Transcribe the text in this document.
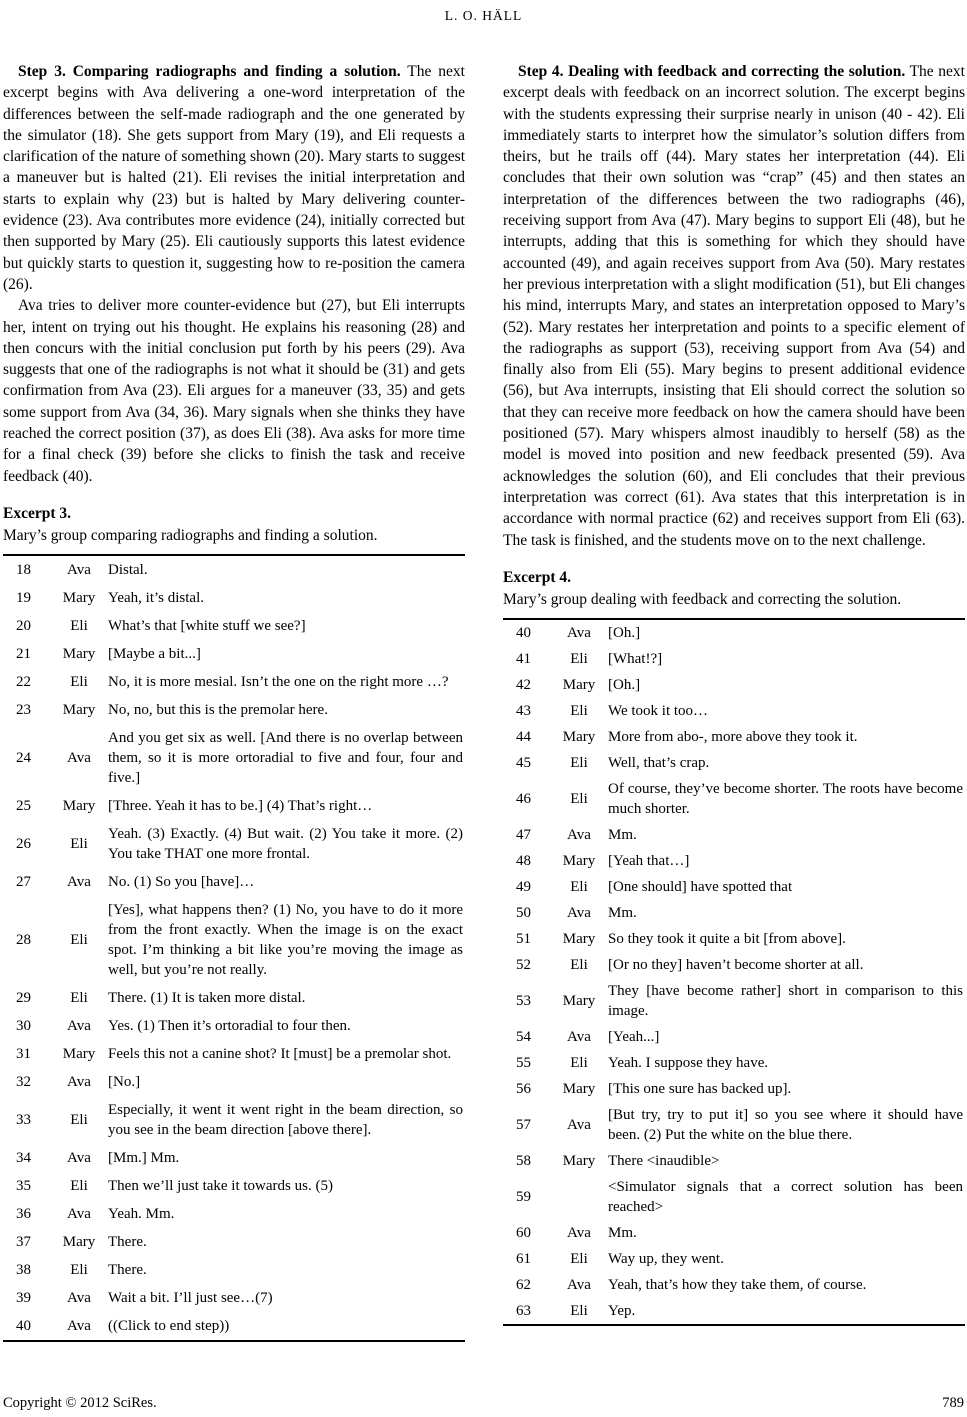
L. O. HÄLL

Step 3. Comparing radiographs and finding a solution. The next excerpt begins with Ava delivering a one-word interpretation of the differences between the self-made radiograph and the one generated by the simulator (18). She gets support from Mary (19), and Eli requests a clarification of the nature of something shown (20). Mary starts to suggest a maneuver but is halted (21). Eli revises the initial interpretation and starts to explain why (23) but is halted by Mary delivering counter-evidence (23). Ava contributes more evidence (24), initially corrected but then supported by Mary (25). Eli cautiously supports this latest evidence but quickly starts to question it, suggesting how to re-position the camera (26).

Ava tries to deliver more counter-evidence but (27), but Eli interrupts her, intent on trying out his thought. He explains his reasoning (28) and then concurs with the initial conclusion put forth by his peers (29). Ava suggests that one of the radiographs is not what it should be (31) and gets confirmation from Ava (23). Eli argues for a maneuver (33, 35) and gets some support from Ava (34, 36). Mary signals when she thinks they have reached the correct position (37), as does Eli (38). Ava asks for more time for a final check (39) before she clicks to finish the task and receive feedback (40).

Excerpt 3.
Mary’s group comparing radiographs and finding a solution.
18	Ava	Distal.
19	Mary	Yeah, it’s distal.
20	Eli	What’s that [white stuff we see?]
21	Mary	[Maybe a bit...]
22	Eli	No, it is more mesial. Isn’t the one on the right more …?
23	Mary	No, no, but this is the premolar here.
24	Ava	And you get six as well. [And there is no overlap between them, so it is more ortoradial to five and four, four and five.]
25	Mary	[Three. Yeah it has to be.] (4) That’s right…
26	Eli	Yeah. (3) Exactly. (4) But wait. (2) You take it more. (2) You take THAT one more frontal.
27	Ava	No. (1) So you [have]…
28	Eli	[Yes], what happens then? (1) No, you have to do it more from the front exactly. When the image is on the exact spot. I’m thinking a bit like you’re moving the image as well, but you’re not really.
29	Eli	There. (1) It is taken more distal.
30	Ava	Yes. (1) Then it’s ortoradial to four then.
31	Mary	Feels this not a canine shot? It [must] be a premolar shot.
32	Ava	[No.]
33	Eli	Especially, it went it went right in the beam direction, so you see in the beam direction [above there].
34	Ava	[Mm.] Mm.
35	Eli	Then we’ll just take it towards us. (5)
36	Ava	Yeah. Mm.
37	Mary	There.
38	Eli	There.
39	Ava	Wait a bit. I’ll just see…(7)
40	Ava	((Click to end step))

Step 4. Dealing with feedback and correcting the solution. The next excerpt deals with feedback on an incorrect solution. The excerpt begins with the students expressing their surprise nearly in unison (40 - 42). Eli immediately starts to interpret how the simulator’s solution differs from theirs, but he trails off (44). Mary states her interpretation (44). Eli concludes that their own solution was “crap” (45) and then states an interpretation of the differences between the two radiographs (46), receiving support from Ava (47). Mary begins to support Eli (48), but he interrupts, adding that this is something for which they should have accounted (49), and again receives support from Ava (50). Mary restates her previous interpretation with a slight modification (51), but Eli changes his mind, interrupts Mary, and states an interpretation opposed to Mary’s (52). Mary restates her interpretation and points to a specific element of the radiographs as support (53), receiving support from Ava (54) and finally also from Eli (55). Mary begins to present additional evidence (56), but Ava interrupts, insisting that Eli should correct the solution so that they can receive more feedback on how the camera should have been positioned (57). Mary whispers almost inaudibly to herself (58) as the model is moved into position and new feedback presented (59). Ava acknowledges the solution (60), and Eli concludes that their previous interpretation was correct (61). Ava states that this interpretation is in accordance with normal practice (62) and receives support from Eli (63). The task is finished, and the students move on to the next challenge.

Excerpt 4.
Mary’s group dealing with feedback and correcting the solution.
40	Ava	[Oh.]
41	Eli	[What!?]
42	Mary	[Oh.]
43	Eli	We took it too…
44	Mary	More from abo-, more above they took it.
45	Eli	Well, that’s crap.
46	Eli	Of course, they’ve become shorter. The roots have become much shorter.
47	Ava	Mm.
48	Mary	[Yeah that…]
49	Eli	[One should] have spotted that
50	Ava	Mm.
51	Mary	So they took it quite a bit [from above].
52	Eli	[Or no they] haven’t become shorter at all.
53	Mary	They [have become rather] short in comparison to this image.
54	Ava	[Yeah...]
55	Eli	Yeah. I suppose they have.
56	Mary	[This one sure has backed up].
57	Ava	[But try, try to put it] so you see where it should have been. (2) Put the white on the blue there.
58	Mary	There <inaudible>
59		<Simulator signals that a correct solution has been reached>
60	Ava	Mm.
61	Eli	Way up, they went.
62	Ava	Yeah, that’s how they take them, of course.
63	Eli	Yep.
Copyright © 2012 SciRes.	789
